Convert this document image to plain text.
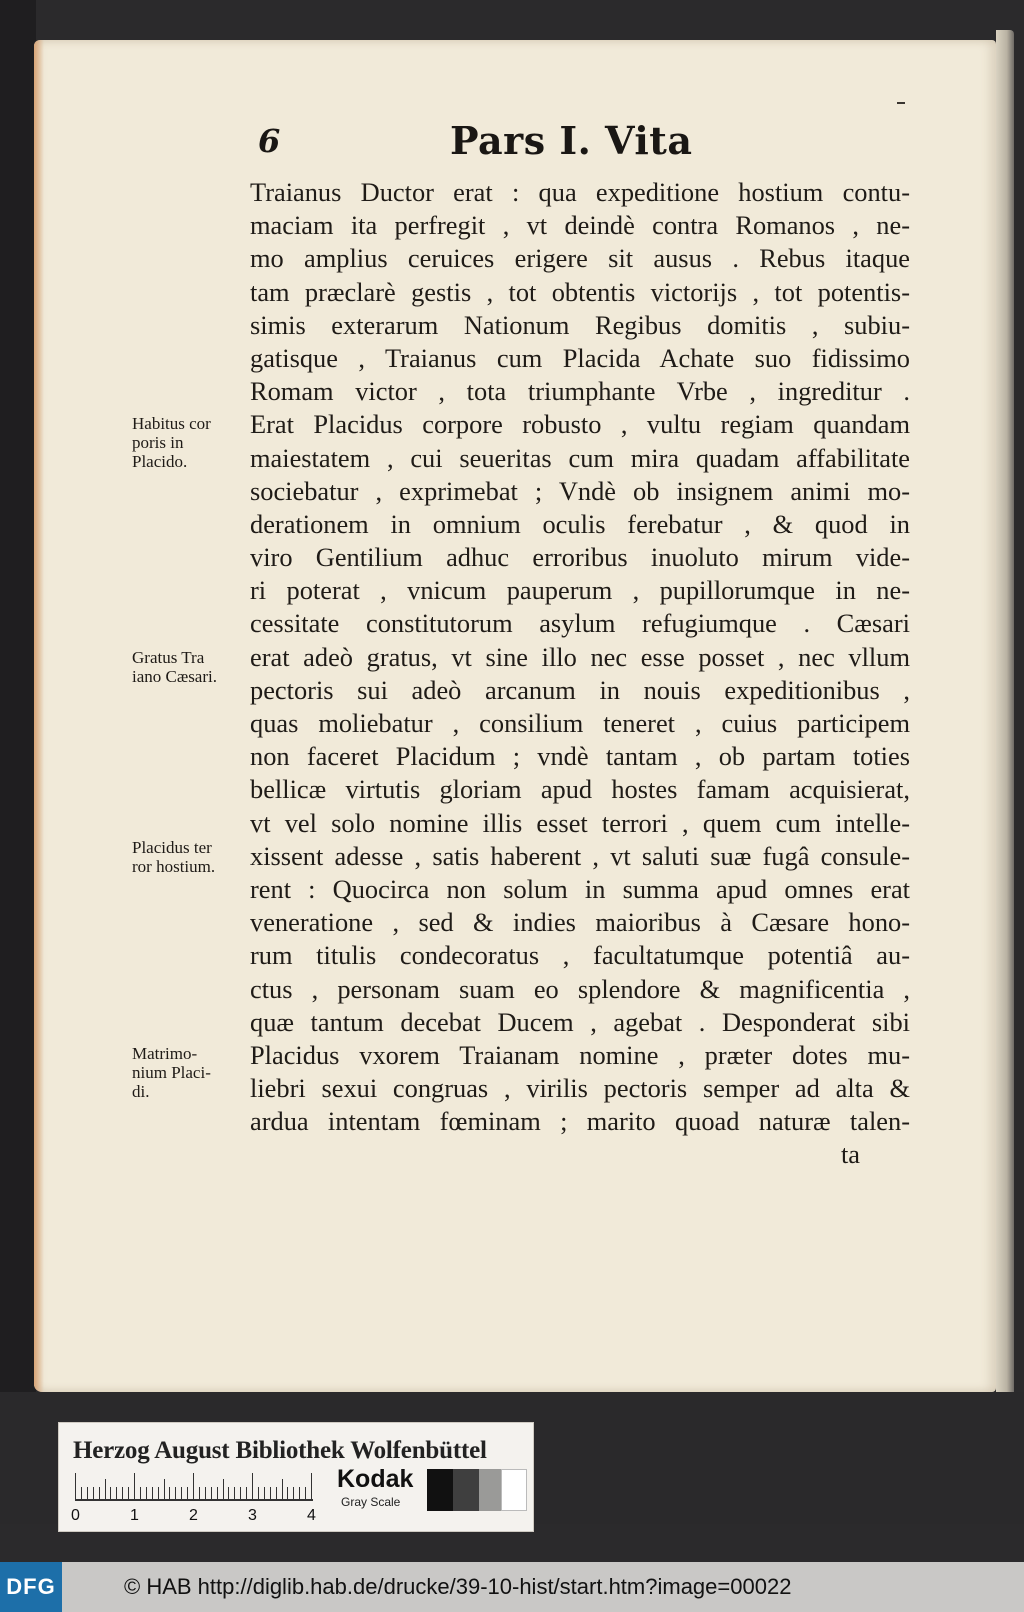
6	Pars I. Vita
Traianus Ductor erat : qua expeditione hostium contu-
maciam ita perfregit , vt deindè contra Romanos , ne-
mo amplius ceruices erigere sit ausus . Rebus itaque
tam præclarè gestis , tot obtentis victorijs , tot potentis-
simis exterarum Nationum Regibus domitis , subiu-
gatisque , Traianus cum Placida Achate suo fidissimo
Romam victor , tota triumphante Vrbe , ingreditur .
Erat Placidus corpore robusto , vultu regiam quandam
maiestatem , cui seueritas cum mira quadam affabilitate
sociebatur , exprimebat ; Vndè ob insignem animi mo-
derationem in omnium oculis ferebatur , & quod in
viro Gentilium adhuc erroribus inuoluto mirum vide-
ri poterat , vnicum pauperum , pupillorumque in ne-
cessitate constitutorum asylum refugiumque . Cæsari
erat adeò gratus, vt sine illo nec esse posset , nec vllum
pectoris sui adeò arcanum in nouis expeditionibus ,
quas moliebatur , consilium teneret , cuius participem
non faceret Placidum ; vndè tantam , ob partam toties
bellicæ virtutis gloriam apud hostes famam acquisierat,
vt vel solo nomine illis esset terrori , quem cum intelle-
xissent adesse , satis haberent , vt saluti suæ fugâ consule-
rent : Quocirca non solum in summa apud omnes erat
veneratione , sed & indies maioribus à Cæsare hono-
rum titulis condecoratus , facultatumque potentiâ au-
ctus , personam suam eo splendore & magnificentia ,
quæ tantum decebat Ducem , agebat . Desponderat sibi
Placidus vxorem Traianam nomine , præter dotes mu-
liebri sexui congruas , virilis pectoris semper ad alta &
ardua intentam fœminam ; marito quoad naturæ talen-
ta
Habitus cor
poris in
Placido.
Gratus Tra
iano Cæsari.
Placidus ter
ror hostium.
Matrimo-
nium Placi-
di.
Herzog August Bibliothek Wolfenbüttel
0	1	2	3	4
Kodak
Gray Scale
DFG	© HAB http://diglib.hab.de/drucke/39-10-hist/start.htm?image=00022
